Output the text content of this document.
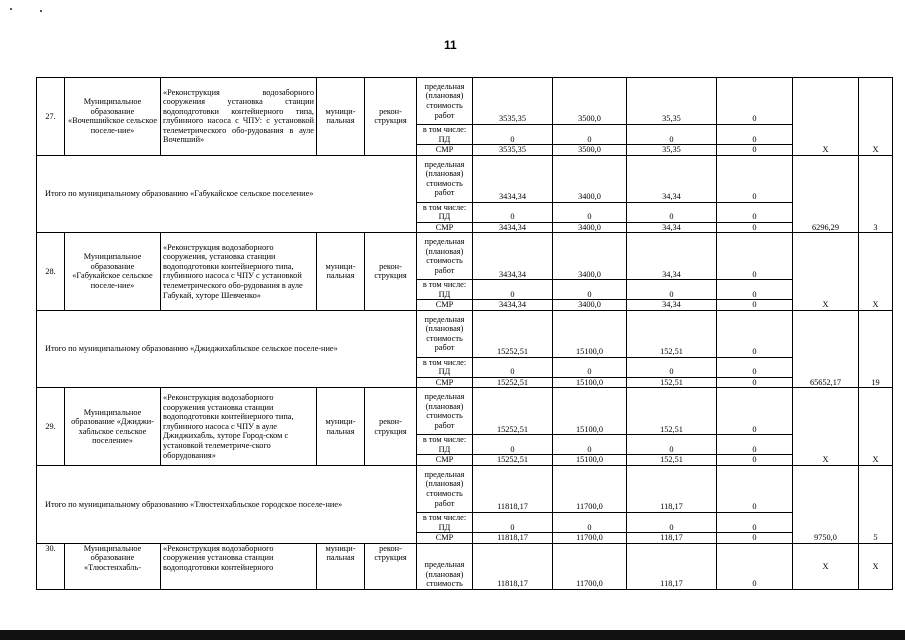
11
27.	Муниципальное образование «Вочепшийское сельское поселе-ние»	«Реконструкция водозаборного сооружения установка станции водоподготовки контейнерного типа, глубинного насоса с ЧПУ: с установкой телеметрического обо-рудования в ауле Вочепший»	муници-пальная	рекон-струкция	предельная (плановая) стоимость работ	3535,35	3500,0	35,35	0	X	X
					в том числе: ПД	0	0	0	0		
					СМР	3535,35	3500,0	35,35	0		
Итого по муниципальному образованию «Габукайское сельское поселение»					предельная (плановая) стоимость работ	3434,34	3400,0	34,34	0	6296,29	3
					в том числе: ПД	0	0	0	0		
					СМР	3434,34	3400,0	34,34	0		
28.	Муниципальное образование «Габукайское сельское поселе-ние»	«Реконструкция водозаборного сооружения, установка станции водоподготовки контейнерного типа, глубинного насоса с ЧПУ с установкой телеметрического обо-рудования в ауле Габукай, хуторе Шевченко»	муници-пальная	рекон-струкция	предельная (плановая) стоимость работ	3434,34	3400,0	34,34	0	X	X
					в том числе: ПД	0	0	0	0		
					СМР	3434,34	3400,0	34,34	0		
Итого по муниципальному образованию «Джиджихабльское сельское поселе-ние»					предельная (плановая) стоимость работ	15252,51	15100,0	152,51	0	65652,17	19
					в том числе: ПД	0	0	0	0		
					СМР	15252,51	15100,0	152,51	0		
29.	Муниципальное образование «Джиджи-хабльское сельское поселение»	«Реконструкция водозаборного сооружения установка станции водоподготовки контейнерного типа, глубинного насоса с ЧПУ в ауле Джиджихабль, хуторе Город-ском с установкой телеметриче-ского оборудования»	муници-пальная	рекон-струкция	предельная (плановая) стоимость работ	15252,51	15100,0	152,51	0	X	X
					в том числе: ПД	0	0	0	0		
					СМР	15252,51	15100,0	152,51	0		
Итого по муниципальному образованию «Тлюстенхабльское городское поселе-ние»					предельная (плановая) стоимость работ	11818,17	11700,0	118,17	0	9750,0	5
					в том числе: ПД	0	0	0	0		
					СМР	11818,17	11700,0	118,17	0		
30.	Муниципальное образование «Тлюстенхабль-	«Реконструкция водозаборного сооружения установка станции водоподготовки контейнерного	муници-пальная	рекон-струкция	предельная (плановая) стоимость	11818,17	11700,0	118,17	0	X	X
